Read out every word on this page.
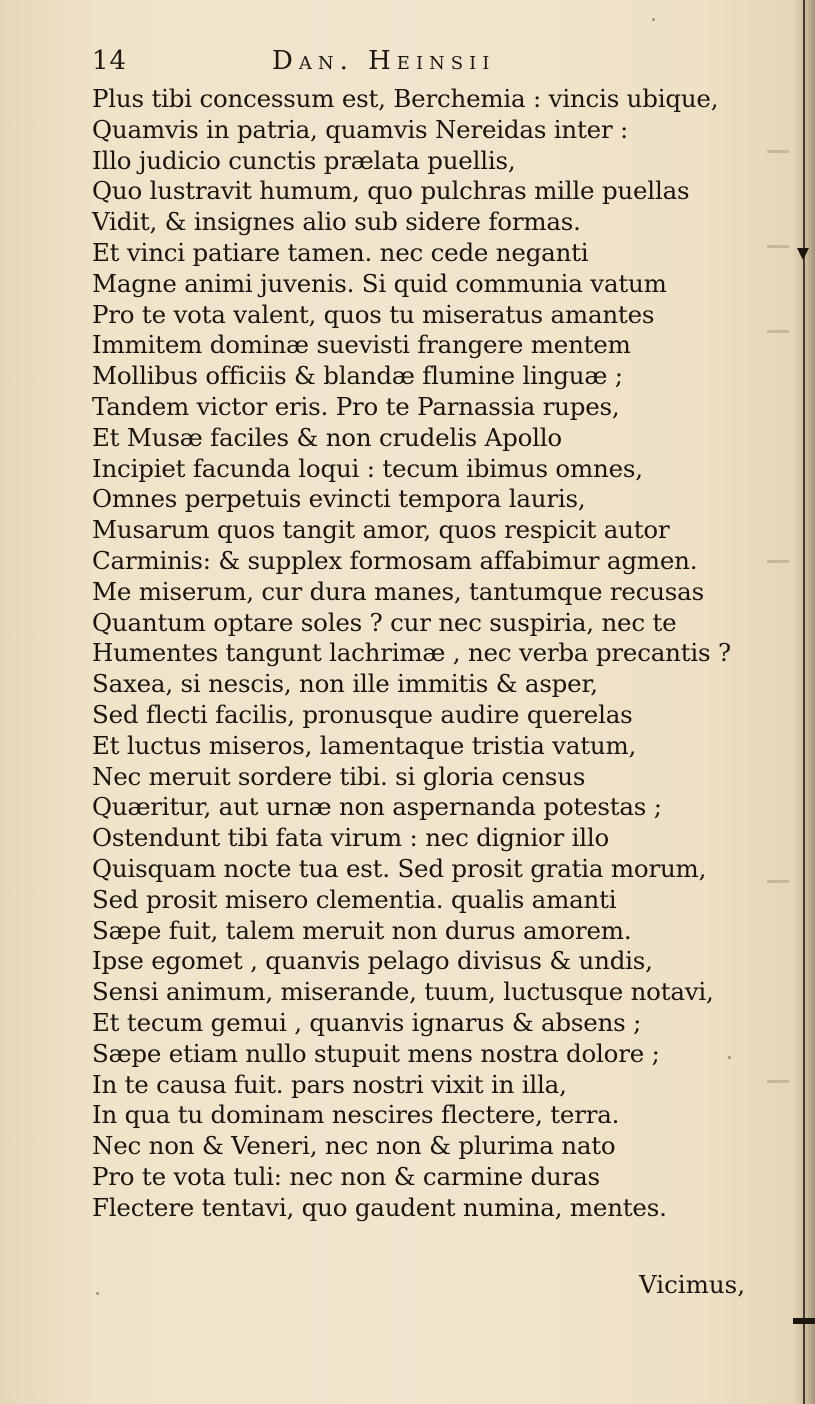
14	Dan. Heinsii
Plus tibi concessum est, Berchemia : vincis ubique,
Quamvis in patria, quamvis Nereidas inter :
Illo judicio cunctis prælata puellis,
Quo lustravit humum, quo pulchras mille puellas
Vidit, & insignes alio sub sidere formas.
Et vinci patiare tamen. nec cede neganti
Magne animi juvenis. Si quid communia vatum
Pro te vota valent, quos tu miseratus amantes
Immitem dominæ suevisti frangere mentem
Mollibus officiis & blandæ flumine linguæ ;
Tandem victor eris. Pro te Parnassia rupes,
Et Musæ faciles & non crudelis Apollo
Incipiet facunda loqui : tecum ibimus omnes,
Omnes perpetuis evincti tempora lauris,
Musarum quos tangit amor, quos respicit autor
Carminis: & supplex formosam affabimur agmen.
Me miserum, cur dura manes, tantumque recusas
Quantum optare soles ? cur nec suspiria, nec te
Humentes tangunt lachrimæ , nec verba precantis ?
Saxea, si nescis, non ille immitis & asper,
Sed flecti facilis, pronusque audire querelas
Et luctus miseros, lamentaque tristia vatum,
Nec meruit sordere tibi. si gloria census
Quæritur, aut urnæ non aspernanda potestas ;
Ostendunt tibi fata virum : nec dignior illo
Quisquam nocte tua est. Sed prosit gratia morum,
Sed prosit misero clementia. qualis amanti
Sæpe fuit, talem meruit non durus amorem.
Ipse egomet , quanvis pelago divisus & undis,
Sensi animum, miserande, tuum, luctusque notavi,
Et tecum gemui , quanvis ignarus & absens ;
Sæpe etiam nullo stupuit mens nostra dolore ;
In te causa fuit. pars nostri vixit in illa,
In qua tu dominam nescires flectere, terra.
Nec non & Veneri, nec non & plurima nato
Pro te vota tuli: nec non & carmine duras
Flectere tentavi, quo gaudent numina, mentes.
Vicimus,
